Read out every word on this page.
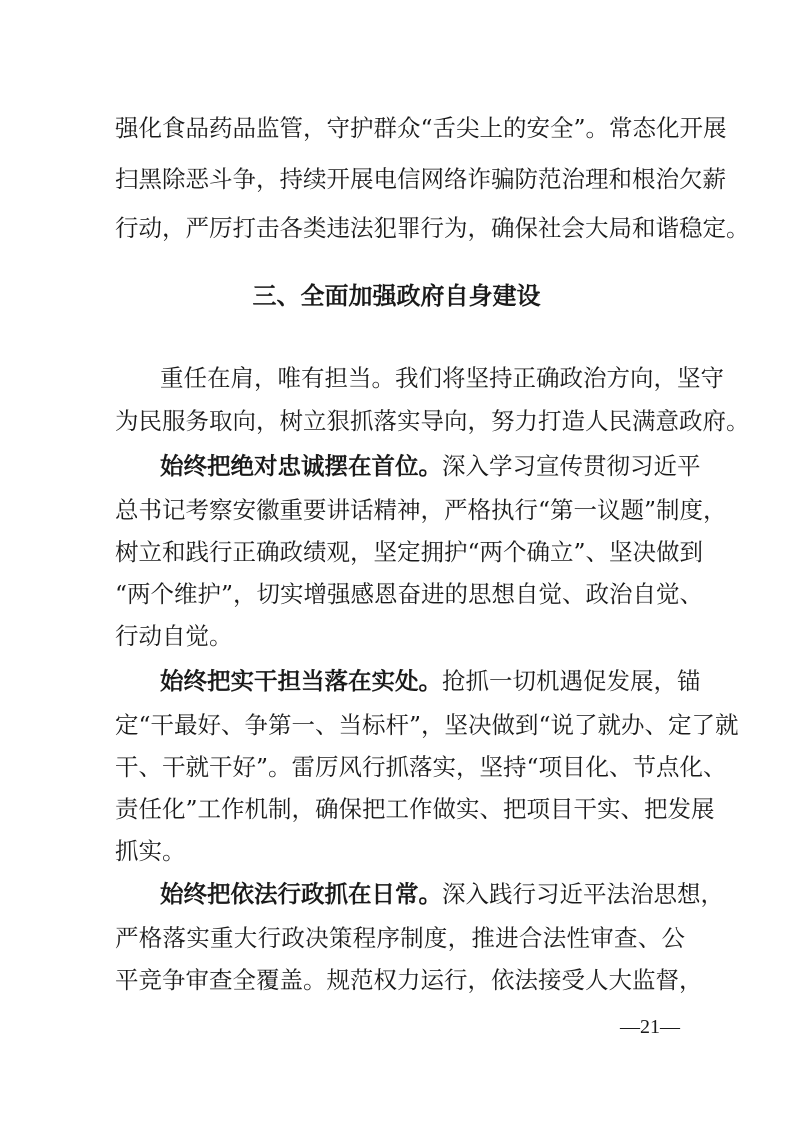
强化食品药品监管，守护群众“舌尖上的安全”。常态化开展
扫黑除恶斗争，持续开展电信网络诈骗防范治理和根治欠薪
行动，严厉打击各类违法犯罪行为，确保社会大局和谐稳定。
三、全面加强政府自身建设
重任在肩，唯有担当。我们将坚持正确政治方向，坚守
为民服务取向，树立狠抓落实导向，努力打造人民满意政府。
始终把绝对忠诚摆在首位。深入学习宣传贯彻习近平
总书记考察安徽重要讲话精神，严格执行“第一议题”制度，
树立和践行正确政绩观，坚定拥护“两个确立”、坚决做到
“两个维护”，切实增强感恩奋进的思想自觉、政治自觉、
行动自觉。
始终把实干担当落在实处。抢抓一切机遇促发展，锚
定“干最好、争第一、当标杆”，坚决做到“说了就办、定了就
干、干就干好”。雷厉风行抓落实，坚持“项目化、节点化、
责任化”工作机制，确保把工作做实、把项目干实、把发展
抓实。
始终把依法行政抓在日常。深入践行习近平法治思想，
严格落实重大行政决策程序制度，推进合法性审查、公
平竞争审查全覆盖。规范权力运行，依法接受人大监督，
—21—
